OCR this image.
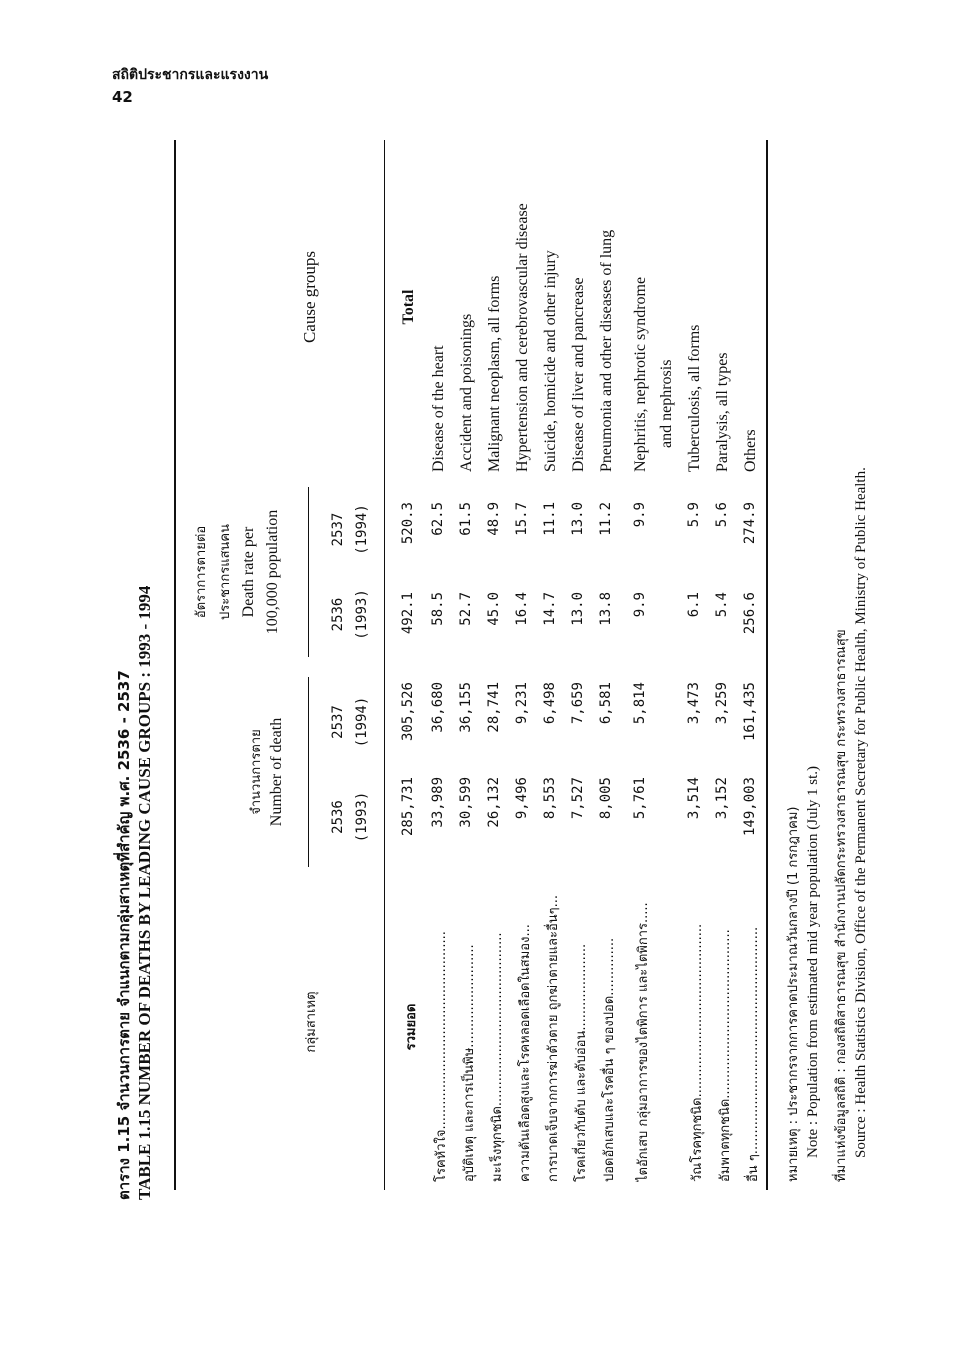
สถิติประชากรและแรงงาน
42
ตาราง 1.15 จำนวนการตาย จำแนกตามกลุ่มสาเหตุที่สำคัญ พ.ศ. 2536 - 2537 TABLE 1.15 NUMBER OF DEATHS BY LEADING CAUSE GROUPS : 1993 - 1994	กลุ่มสาเหตุ
จำนวนการตาย Number of death
อัตราการตายต่อ ประชากรแสนคน Death rate per 100,000 population
Cause groups
2536 (1993)
2537 (1994)
2536 (1993)
2537 (1994)
รวมยอด
285,731
305,526
492.1
520.3
Total
โรคหัวใจ................................................
33,989
36,680
58.5
62.5
Disease of the heart
อุบัติเหตุ และการเป็นพิษ.........................
30,599
36,155
52.7
61.5
Accident and poisonings
มะเร็งทุกชนิด..........................................
26,132
28,741
45.0
48.9
Malignant neoplasm, all forms
ความดันเลือดสูงและโรคหลอดเลือดในสมอง...
9,496
9,231
16.4
15.7
Hypertension and cerebrovascular disease
การบาดเจ็บจากการฆ่าตัวตาย ถูกฆ่าตายและอื่นๆ...
8,553
6,498
14.7
11.1
Suicide, homicide and other injury
โรคเกี่ยวกับตับ และตับอ่อน.....................
7,527
7,659
13.0
13.0
Disease of liver and pancrease
ปอดอักเสบและโรคอื่น ๆ ของปอด..............
8,005
6,581
13.8
11.2
Pneumonia and other diseases of lung
ไตอักเสบ กลุ่มอาการของไตพิการ และไตพิการ.....
5,761
5,814
9.9
9.9
Nephritis, nephrotic syndrome and nephrosis
วัณโรคทุกชนิด..........................................
3,514
3,473
6.1
5.9
Tuberculosis, all forms
อัมพาตทุกชนิด.........................................
3,152
3,259
5.4
5.6
Paralysis, all types
อื่น ๆ.......................................................
149,003
161,435
256.6
274.9
Others
หมายเหตุ : ประชากรจากการคาดประมาณวันกลางปี (1 กรกฎาคม) Note : Population from estimated mid year population (July 1 st.)	ที่มาแห่งข้อมูลสถิติ : กองสถิติสาธารณสุข สำนักงานปลัดกระทรวงสาธารณสุข กระทรวงสาธารณสุข Source : Health Statistics Division, Office of the Permanent Secretary for Public Health, Ministry of Public Health.
